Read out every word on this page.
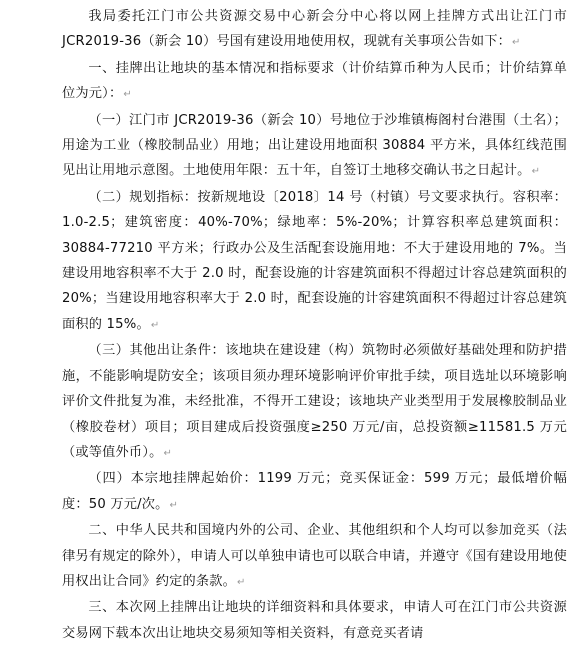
我局委托江门市公共资源交易中心新会分中心将以网上挂牌方式出让江门市 JCR2019-36（新会 10）号国有建设用地使用权，现就有关事项公告如下：↵

一、挂牌出让地块的基本情况和指标要求（计价结算币种为人民币；计价结算单位为元）：↵

（一）江门市 JCR2019-36（新会 10）号地位于沙堆镇梅阁村台港围（土名）；用途为工业（橡胶制品业）用地；出让建设用地面积 30884 平方米，具体红线范围见出让用地示意图。土地使用年限：五十年，自签订土地移交确认书之日起计。↵

（二）规划指标：按新规地设〔2018〕14 号（村镇）号文要求执行。容积率：1.0-2.5；建筑密度：40%-70%；绿地率：5%-20%；计算容积率总建筑面积：30884-77210 平方米；行政办公及生活配套设施用地：不大于建设用地的 7%。当建设用地容积率不大于 2.0 时，配套设施的计容建筑面积不得超过计容总建筑面积的 20%；当建设用地容积率大于 2.0 时，配套设施的计容建筑面积不得超过计容总建筑面积的 15%。↵

（三）其他出让条件：该地块在建设建（构）筑物时必须做好基础处理和防护措施，不能影响堤防安全；该项目须办理环境影响评价审批手续，项目选址以环境影响评价文件批复为准，未经批准，不得开工建设；该地块产业类型用于发展橡胶制品业（橡胶卷材）项目；项目建成后投资强度≥250 万元/亩，总投资额≥11581.5 万元（或等值外币）。↵

（四）本宗地挂牌起始价：1199 万元；竞买保证金：599 万元；最低增价幅度：50 万元/次。↵

二、中华人民共和国境内外的公司、企业、其他组织和个人均可以参加竞买（法律另有规定的除外），申请人可以单独申请也可以联合申请，并遵守《国有建设用地使用权出让合同》约定的条款。↵

三、本次网上挂牌出让地块的详细资料和具体要求，申请人可在江门市公共资源交易网下载本次出让地块交易须知等相关资料，有意竞买者请
